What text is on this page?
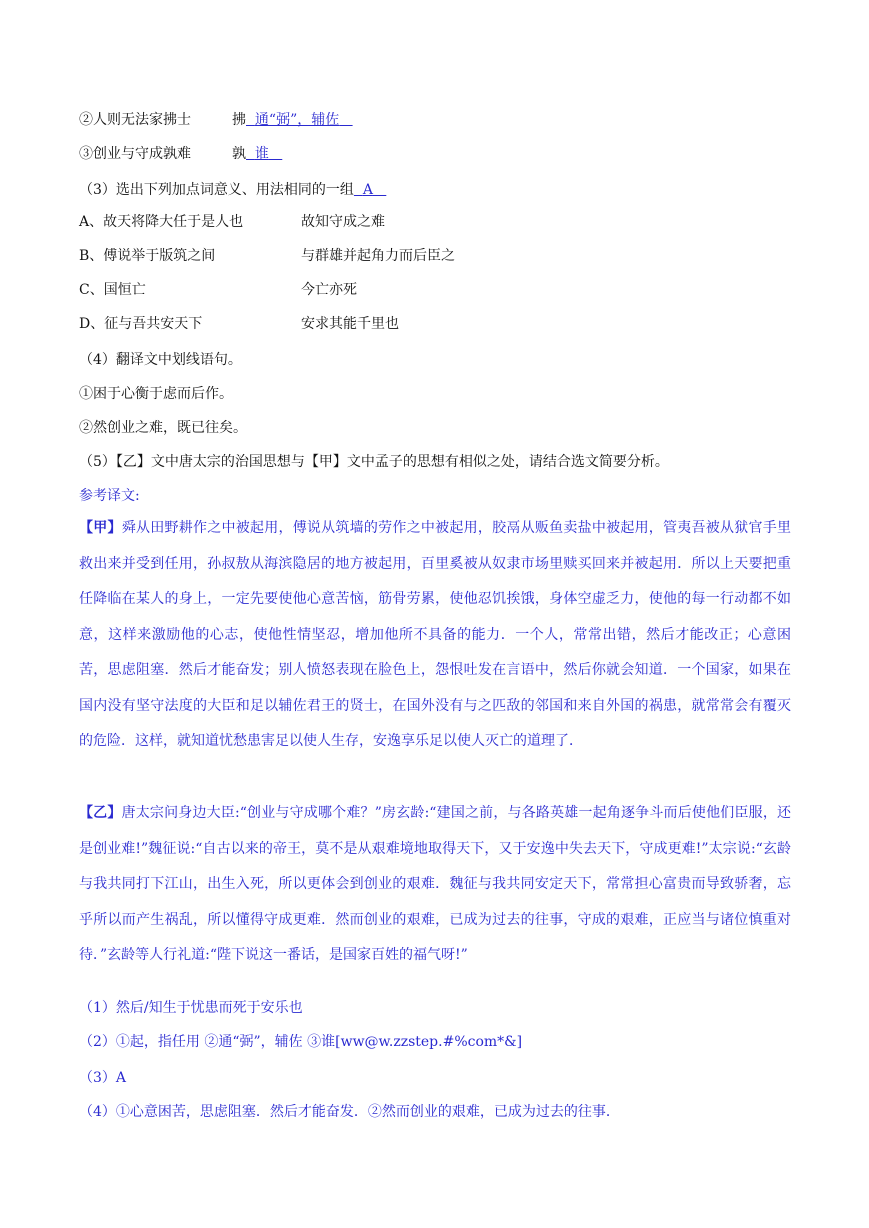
②人则无法家拂士	拂 通“弼”，辅佐
③创业与守成孰难	孰 谁
（3）选出下列加点词意义、用法相同的一组 A
A、故天将降大任于是人也	故知守成之难
B、傅说举于版筑之间	与群雄并起角力而后臣之
C、国恒亡	今亡亦死
D、征与吾共安天下	安求其能千里也
（4）翻译文中划线语句。
①困于心衡于虑而后作。
②然创业之难，既已往矣。
（5）【乙】文中唐太宗的治国思想与【甲】文中孟子的思想有相似之处，请结合选文简要分析。
参考译文:
【甲】舜从田野耕作之中被起用，傅说从筑墙的劳作之中被起用，胶鬲从贩鱼卖盐中被起用，管夷吾被从狱官手里救出来并受到任用，孙叔敖从海滨隐居的地方被起用，百里奚被从奴隶市场里赎买回来并被起用．所以上天要把重任降临在某人的身上，一定先要使他心意苦恼，筋骨劳累，使他忍饥挨饿，身体空虚乏力，使他的每一行动都不如意，这样来激励他的心志，使他性情坚忍，增加他所不具备的能力．一个人，常常出错，然后才能改正；心意困苦，思虑阻塞．然后才能奋发；别人愤怒表现在脸色上，怨恨吐发在言语中，然后你就会知道．一个国家，如果在国内没有坚守法度的大臣和足以辅佐君王的贤士，在国外没有与之匹敌的邻国和来自外国的祸患，就常常会有覆灭的危险．这样，就知道忧愁患害足以使人生存，安逸享乐足以使人灭亡的道理了．
【乙】唐太宗问身边大臣:“创业与守成哪个难？”房玄龄:“建国之前，与各路英雄一起角逐争斗而后使他们臣服，还是创业难!”魏征说:“自古以来的帝王，莫不是从艰难境地取得天下，又于安逸中失去天下，守成更难!”太宗说:“玄龄与我共同打下江山，出生入死，所以更体会到创业的艰难．魏征与我共同安定天下，常常担心富贵而导致骄奢，忘乎所以而产生祸乱，所以懂得守成更难．然而创业的艰难，已成为过去的往事，守成的艰难，正应当与诸位慎重对待．”玄龄等人行礼道:“陛下说这一番话，是国家百姓的福气呀!”
（1）然后/知生于忧患而死于安乐也
（2）①起，指任用 ②通“弼”，辅佐 ③谁[ww@w.zzstep.#%com*&]
（3）A
（4）①心意困苦，思虑阻塞．然后才能奋发．②然而创业的艰难，已成为过去的往事．
